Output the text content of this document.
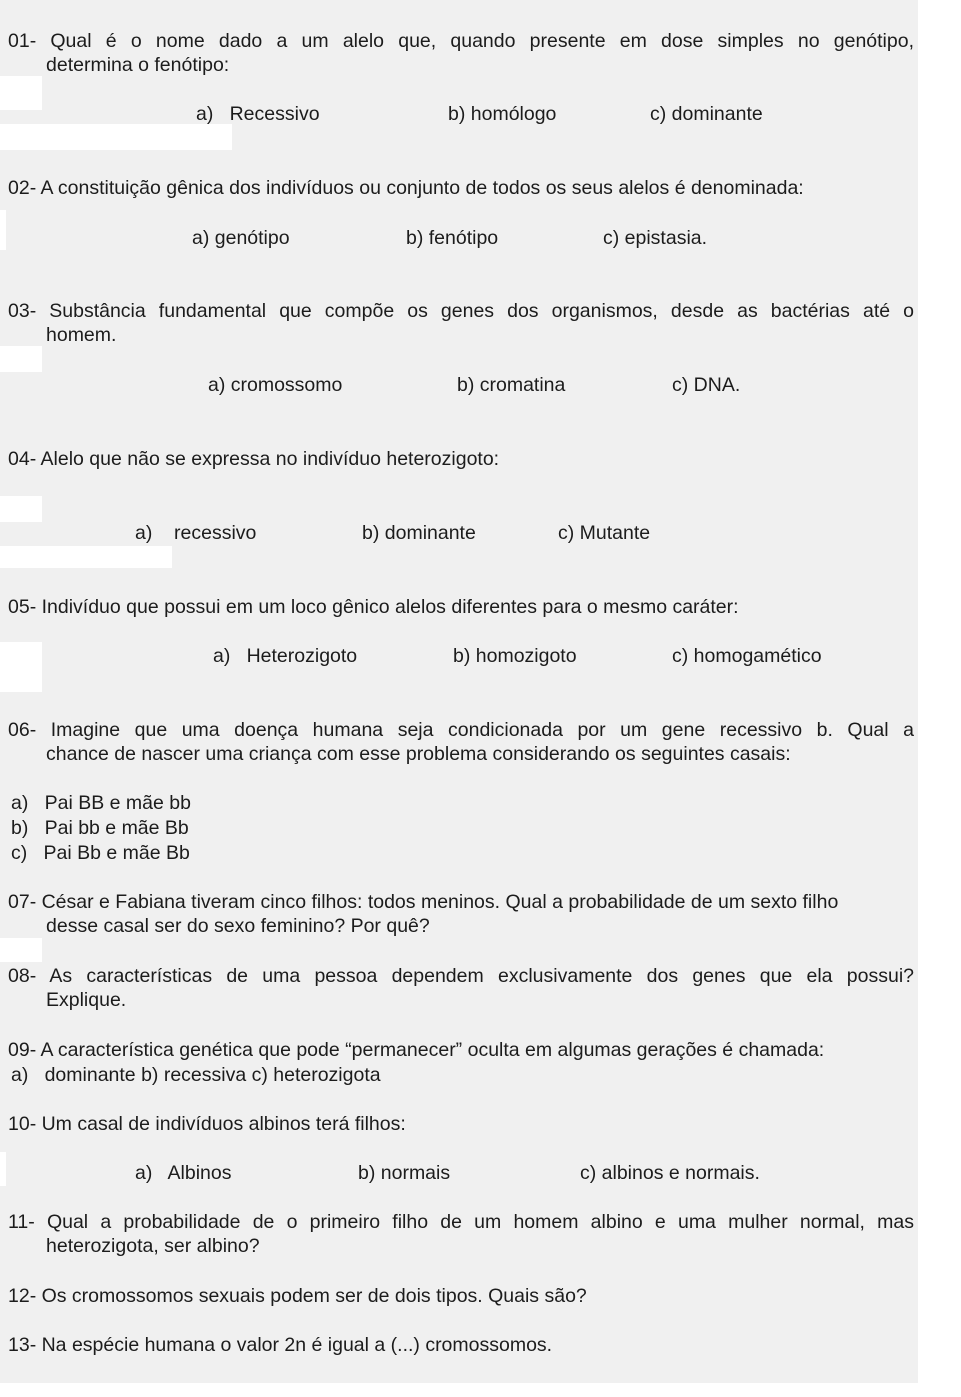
01- Qual é o nome dado a um alelo que, quando presente em dose simples no genótipo,
determina o fenótipo:
a)   Recessivo	b) homólogo	c) dominante
02- A constituição gênica dos indivíduos ou conjunto de todos os seus alelos é denominada:
a) genótipo	b) fenótipo	c) epistasia.
03- Substância fundamental que compõe os genes dos organismos, desde as bactérias até o
homem.
a) cromossomo	b) cromatina	c) DNA.
04- Alelo que não se expressa no indivíduo heterozigoto:
a)    recessivo	b) dominante	c) Mutante
05- Indivíduo que possui em um loco gênico alelos diferentes para o mesmo caráter:
a)   Heterozigoto	b) homozigoto	c) homogamético
06- Imagine que uma doença humana seja condicionada por um gene recessivo b. Qual a
chance de nascer uma criança com esse problema considerando os seguintes casais:
a)   Pai BB e mãe bb
b)   Pai bb e mãe Bb
c)   Pai Bb e mãe Bb
07- César e Fabiana tiveram cinco filhos: todos meninos. Qual a probabilidade de um sexto filho
desse casal ser do sexo feminino? Por quê?
08- As características de uma pessoa dependem exclusivamente dos genes que ela possui?
Explique.
09- A característica genética que pode “permanecer” oculta em algumas gerações é chamada:
a)   dominante b) recessiva c) heterozigota
10- Um casal de indivíduos albinos terá filhos:
a)   Albinos	b) normais	c) albinos e normais.
11- Qual a probabilidade de o primeiro filho de um homem albino e uma mulher normal, mas
heterozigota, ser albino?
12- Os cromossomos sexuais podem ser de dois tipos. Quais são?
13- Na espécie humana o valor 2n é igual a (...) cromossomos.
